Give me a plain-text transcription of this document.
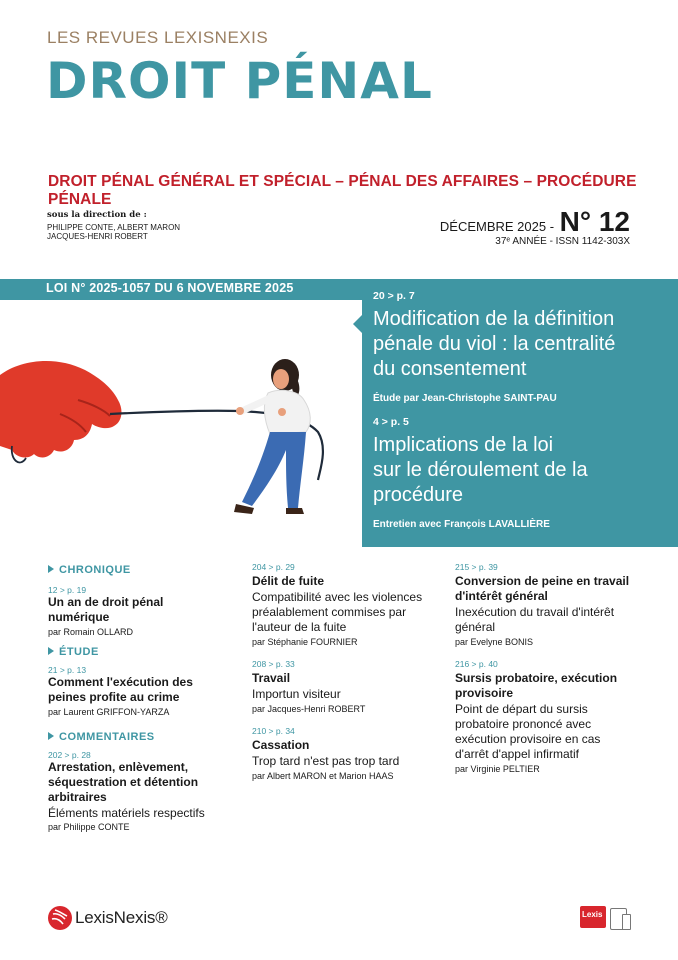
LES REVUES LEXISNEXIS
DROIT PÉNAL
DROIT PÉNAL GÉNÉRAL ET SPÉCIAL – PÉNAL DES AFFAIRES – PROCÉDURE PÉNALE
sous la direction de :
PHILIPPE CONTE, ALBERT MARON
JACQUES-HENRI ROBERT
DÉCEMBRE 2025 - N° 12
37ᵉ ANNÉE - ISSN 1142-303X
LOI N° 2025-1057 DU 6 NOVEMBRE 2025
20 > p. 7
Modification de la définition
pénale du viol : la centralité
du consentement
Étude par Jean-Christophe SAINT-PAU
4 > p. 5
Implications de la loi
sur le déroulement de la
procédure
Entretien avec François LAVALLIÈRE
CHRONIQUE
12 > p. 19
Un an de droit pénal
numérique
par Romain OLLARD
ÉTUDE
21 > p. 13
Comment l'exécution des
peines profite au crime
par Laurent GRIFFON-YARZA
COMMENTAIRES
202 > p. 28
Arrestation, enlèvement,
séquestration et détention
arbitraires
Éléments matériels respectifs
par Philippe CONTE
204 > p. 29
Délit de fuite
Compatibilité avec les violences
préalablement commises par
l'auteur de la fuite
par Stéphanie FOURNIER
208 > p. 33
Travail
Importun visiteur
par Jacques-Henri ROBERT
210 > p. 34
Cassation
Trop tard n'est pas trop tard
par Albert MARON et Marion HAAS
215 > p. 39
Conversion de peine en travail
d'intérêt général
Inexécution du travail d'intérêt
général
par Evelyne BONIS
216 > p. 40
Sursis probatoire, exécution
provisoire
Point de départ du sursis
probatoire prononcé avec
exécution provisoire en cas
d'arrêt d'appel infirmatif
par Virginie PELTIER
LexisNexis®	Lexis
